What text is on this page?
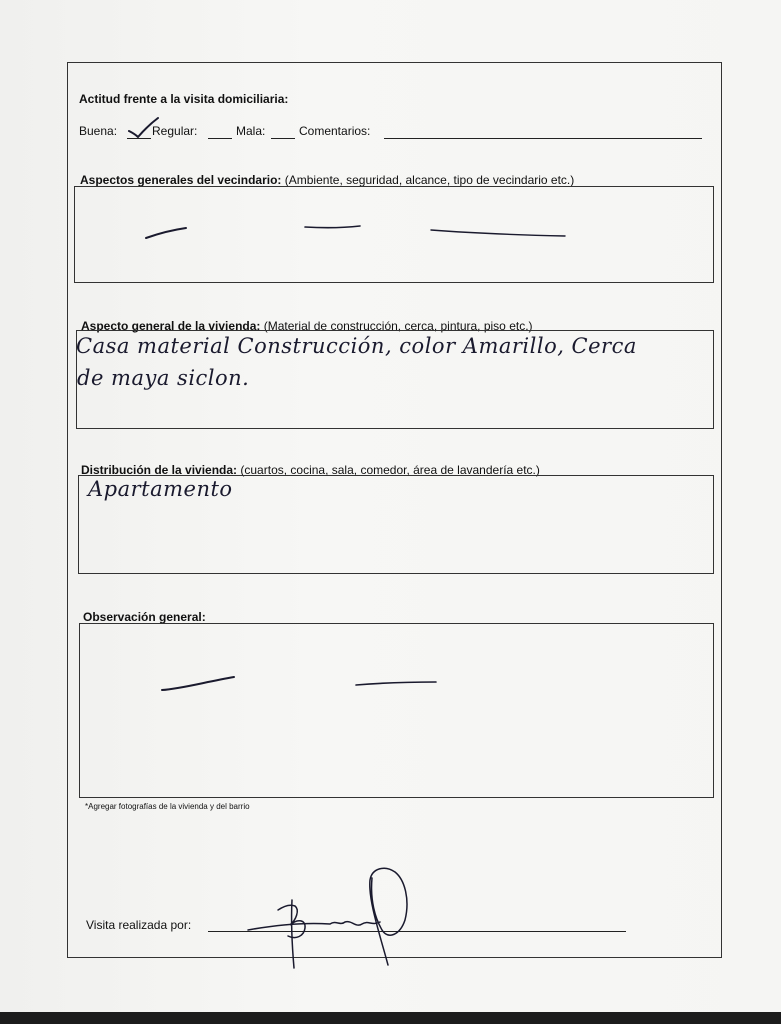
Actitud frente a la visita domiciliaria:
Buena:	Regular:	Mala:	Comentarios:
Aspectos generales del vecindario: (Ambiente, seguridad, alcance, tipo de vecindario etc.)
Aspecto general de la vivienda: (Material de construcción, cerca, pintura, piso etc.)
Casa material Construcción, color Amarillo, Cerca
de maya siclon.
Distribución de la vivienda: (cuartos, cocina, sala, comedor, área de lavandería etc.)
Apartamento
Observación general:
*Agregar fotografías de la vivienda y del barrio
Visita realizada por:
